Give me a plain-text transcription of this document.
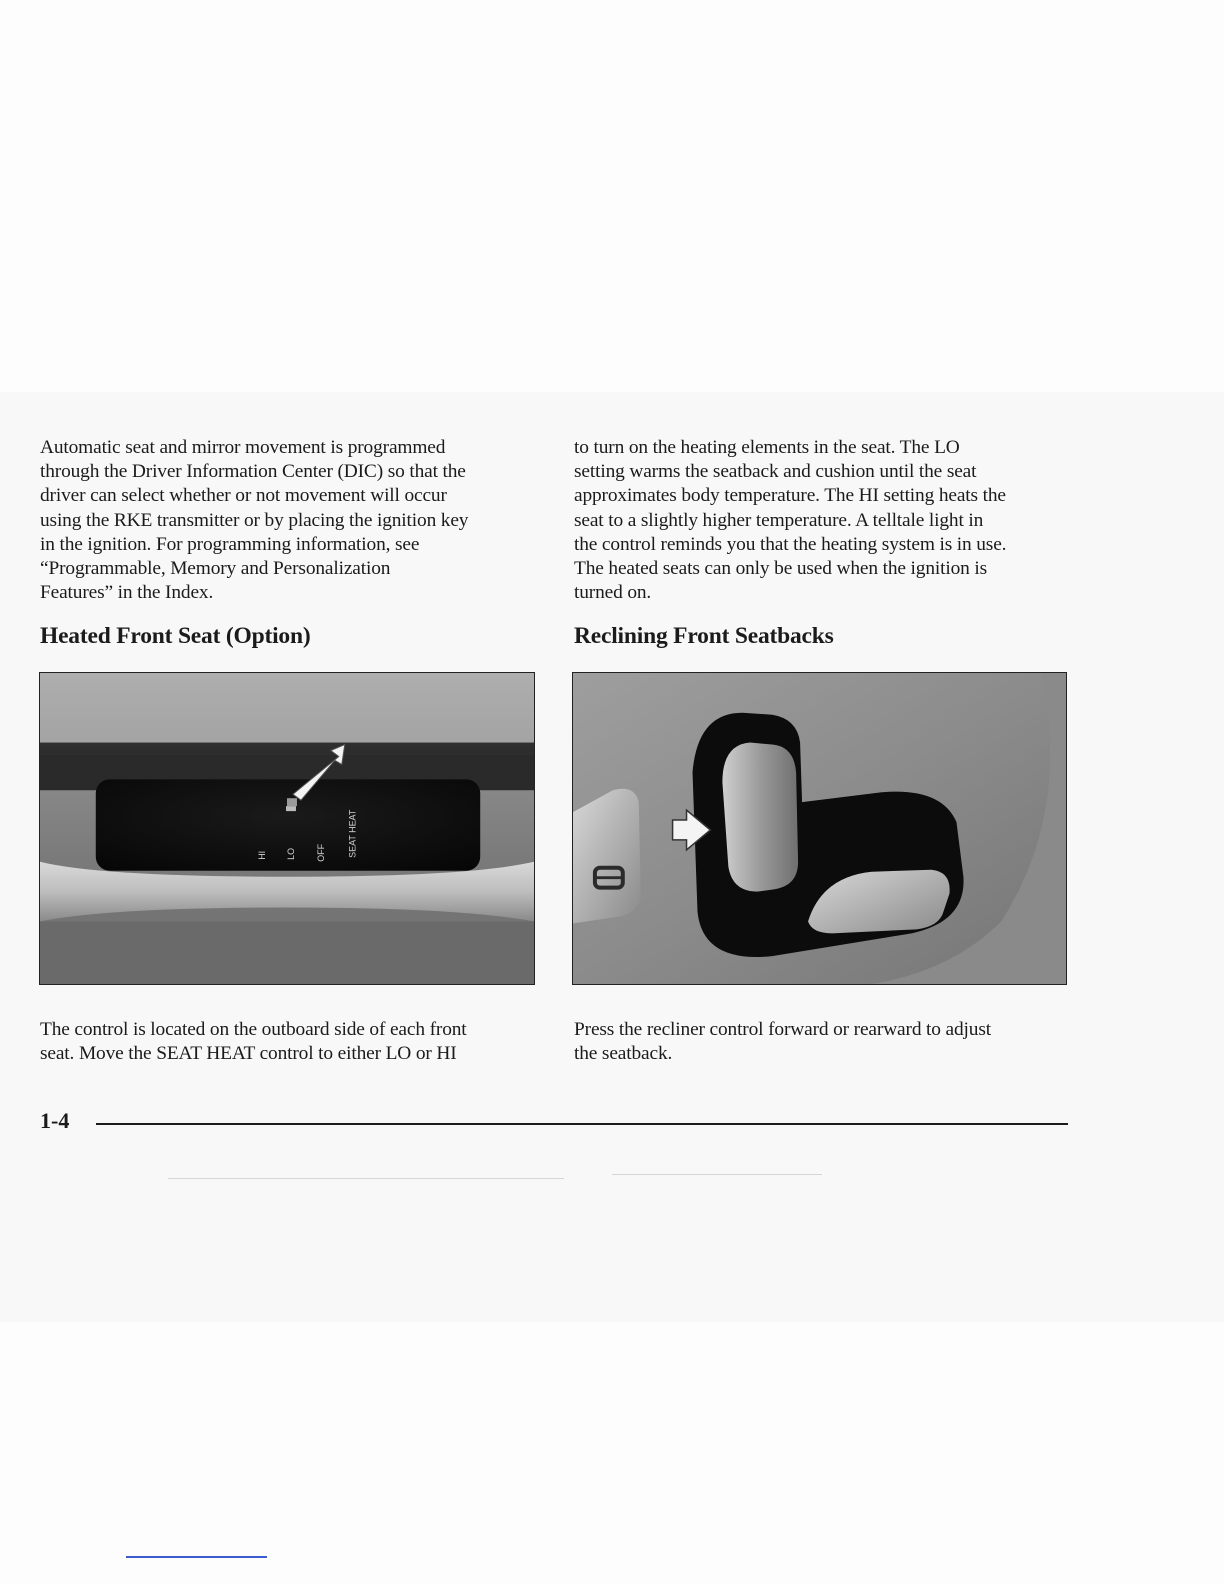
Automatic seat and mirror movement is programmed
through the Driver Information Center (DIC) so that the
driver can select whether or not movement will occur
using the RKE transmitter or by placing the ignition key
in the ignition. For programming information, see
“Programmable, Memory and Personalization
Features” in the Index.

Heated Front Seat (Option)
HI LO OFF SEAT HEAT

The control is located on the outboard side of each front
seat. Move the SEAT HEAT control to either LO or HI

to turn on the heating elements in the seat. The LO
setting warms the seatback and cushion until the seat
approximates body temperature. The HI setting heats the
seat to a slightly higher temperature. A telltale light in
the control reminds you that the heating system is in use.
The heated seats can only be used when the ignition is
turned on.

Reclining Front Seatbacks

Press the recliner control forward or rearward to adjust
the seatback.

1-4
